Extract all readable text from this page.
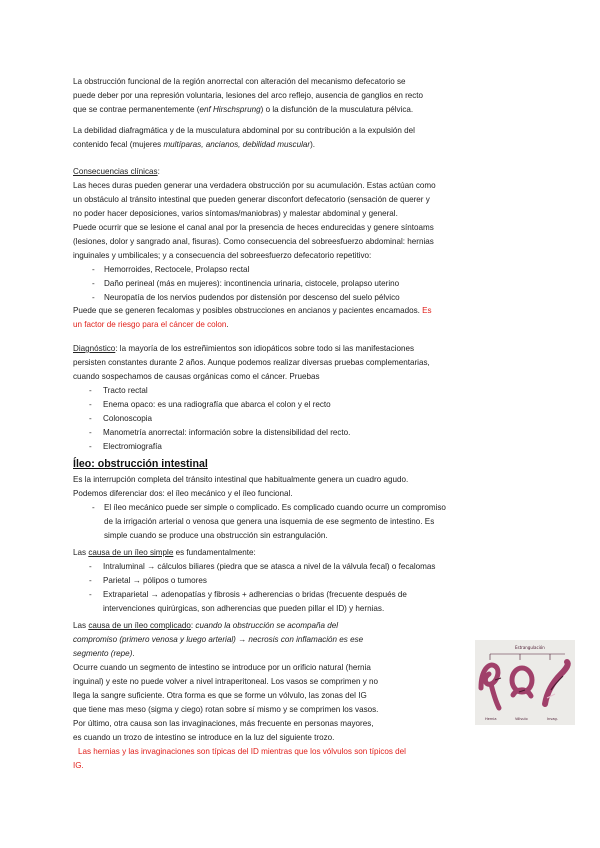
La obstrucción funcional de la región anorrectal con alteración del mecanismo defecatorio se

puede deber por una represión voluntaria, lesiones del arco reflejo, ausencia de ganglios en recto

que se contrae permanentemente (enf Hirschsprung) o la disfunción de la musculatura pélvica.

La debilidad diafragmática y de la musculatura abdominal por su contribución a la expulsión del

contenido fecal (mujeres multíparas, ancianos, debilidad muscular).

Consecuencias clínicas:

Las heces duras pueden generar una verdadera obstrucción por su acumulación. Estas actúan como

un obstáculo al tránsito intestinal que pueden generar disconfort defecatorio (sensación de querer y

no poder hacer deposiciones, varios síntomas/maniobras) y malestar abdominal y general.

Puede ocurrir que se lesione el canal anal por la presencia de heces endurecidas y genere síntoams

(lesiones, dolor y sangrado anal, fisuras). Como consecuencia del sobreesfuerzo abdominal: hernias

inguinales y umbilicales; y a consecuencia del sobreesfuerzo defecatorio repetitivo:

- Hemorroides, Rectocele, Prolapso rectal

- Daño perineal (más en mujeres): incontinencia urinaria, cistocele, prolapso uterino

- Neuropatía de los nervios pudendos por distensión por descenso del suelo pélvico

Puede que se generen fecalomas y posibles obstrucciones en ancianos y pacientes encamados. Es

un factor de riesgo para el cáncer de colon.

Diagnóstico: la mayoría de los estreñimientos son idiopáticos sobre todo si las manifestaciones

persisten constantes durante 2 años. Aunque podemos realizar diversas pruebas complementarias,

cuando sospechamos de causas orgánicas como el cáncer. Pruebas

- Tracto rectal

- Enema opaco: es una radiografía que abarca el colon y el recto

- Colonoscopia

- Manometría anorrectal: información sobre la distensibilidad del recto.

- Electromiografía

Íleo: obstrucción intestinal

Es la interrupción completa del tránsito intestinal que habitualmente genera un cuadro agudo.

Podemos diferenciar dos: el íleo mecánico y el íleo funcional.

- El íleo mecánico puede ser simple o complicado. Es complicado cuando ocurre un compromiso

de la irrigación arterial o venosa que genera una isquemia de ese segmento de intestino. Es

simple cuando se produce una obstrucción sin estrangulación.

Las causa de un íleo simple es fundamentalmente:

- Intraluminal → cálculos biliares (piedra que se atasca a nivel de la válvula fecal) o fecalomas

- Parietal → pólipos o tumores

- Extraparietal → adenopatías y fibrosis + adherencias o bridas (frecuente después de

intervenciones quirúrgicas, son adherencias que pueden pillar el ID) y hernias.

Las causa de un íleo complicado: cuando la obstrucción se acompaña del

compromiso (primero venosa y luego arterial) → necrosis con inflamación es ese

segmento (repe).

Ocurre cuando un segmento de intestino se introduce por un orificio natural (hernia

inguinal) y este no puede volver a nivel intraperitoneal. Los vasos se comprimen y no

llega la sangre suficiente. Otra forma es que se forme un vólvulo, las zonas del IG

que tiene mas meso (sigma y ciego) rotan sobre sí mismo y se comprimen los vasos.

Por último, otra causa son las invaginaciones, más frecuente en personas mayores,

es cuando un trozo de intestino se introduce en la luz del siguiente trozo.

Las hernias y las invaginaciones son típicas del ID mientras que los vólvulos son típicos del

IG.

Estrangulación
Hernia	Vólvulo	Invag.
